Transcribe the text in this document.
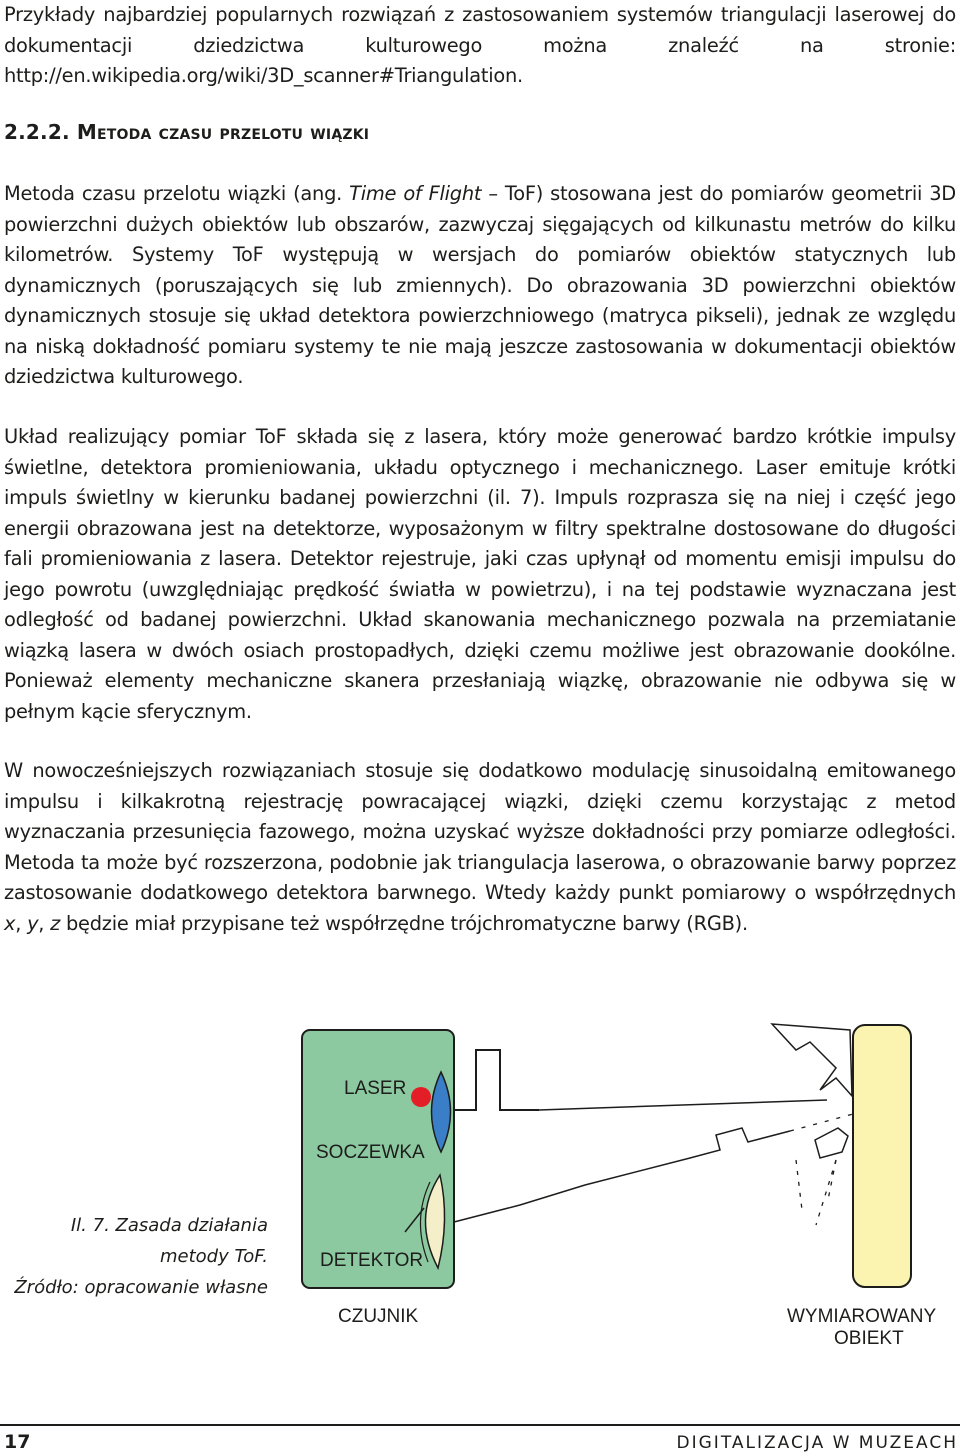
Przykłady najbardziej popularnych rozwiązań z zastosowaniem systemów triangulacji laserowej do dokumentacji dziedzictwa kulturowego można znaleźć na stronie: http://en.wikipedia.org/wiki/3D_scanner#Triangulation.

2.2.2. Metoda czasu przelotu wiązki

Metoda czasu przelotu wiązki (ang. Time of Flight – ToF) stosowana jest do pomiarów geometrii 3D powierzchni dużych obiektów lub obszarów, zazwyczaj sięgających od kilkunastu metrów do kilku kilometrów. Systemy ToF występują w wersjach do pomiarów obiektów statycznych lub dynamicznych (poruszających się lub zmiennych). Do obrazowania 3D powierzchni obiektów dynamicznych stosuje się układ detektora powierzchniowego (matryca pikseli), jednak ze względu na niską dokładność pomiaru systemy te nie mają jeszcze zastosowania w dokumentacji obiektów dziedzictwa kulturowego.

Układ realizujący pomiar ToF składa się z lasera, który może generować bardzo krótkie impulsy świetlne, detektora promieniowania, układu optycznego i mechanicznego. Laser emituje krótki impuls świetlny w kierunku badanej powierzchni (il. 7). Impuls rozprasza się na niej i część jego energii obrazowana jest na detektorze, wyposażonym w filtry spektralne dostosowane do długości fali promieniowania z lasera. Detektor rejestruje, jaki czas upłynął od momentu emisji impulsu do jego powrotu (uwzględniając prędkość światła w powietrzu), i na tej podstawie wyznaczana jest odległość od badanej powierzchni. Układ skanowania mechanicznego pozwala na przemiatanie wiązką lasera w dwóch osiach prostopadłych, dzięki czemu możliwe jest obrazowanie dookólne. Ponieważ elementy mechaniczne skanera przesłaniają wiązkę, obrazowanie nie odbywa się w pełnym kącie sferycznym.

W nowocześniejszych rozwiązaniach stosuje się dodatkowo modulację sinusoidalną emitowanego impulsu i kilkakrotną rejestrację powracającej wiązki, dzięki czemu korzystając z metod wyznaczania przesunięcia fazowego, można uzyskać wyższe dokładności przy pomiarze odległości. Metoda ta może być rozszerzona, podobnie jak triangulacja laserowa, o obrazowanie barwy poprzez zastosowanie dodatkowego detektora barwnego. Wtedy każdy punkt pomiarowy o współrzędnych x, y, z będzie miał przypisane też współrzędne trójchromatyczne barwy (RGB).

Il. 7. Zasada działania
metody ToF.
Źródło: opracowanie własne
LASER
SOCZEWKA
DETEKTOR
CZUJNIK	WYMIAROWANY
OBIEKT
17	DIGITALIZACJA W MUZEACH
